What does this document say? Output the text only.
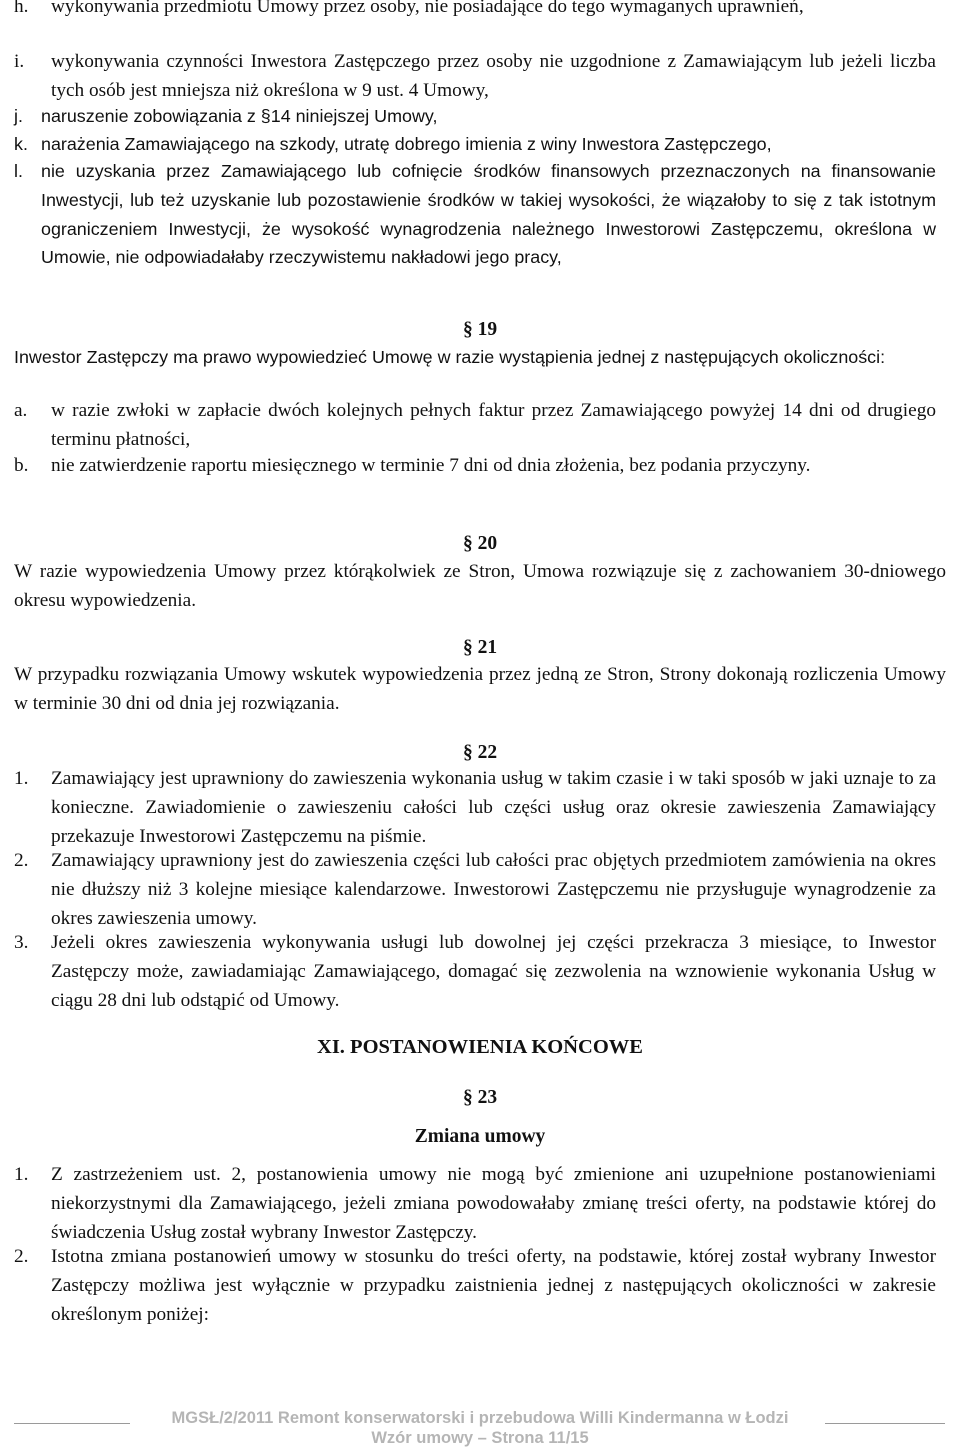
h.	wykonywania przedmiotu Umowy przez osoby, nie posiadające do tego wymaganych uprawnień,
i.	wykonywania czynności Inwestora Zastępczego przez osoby nie uzgodnione z Zamawiającym lub jeżeli liczba tych osób jest mniejsza niż określona w 9 ust. 4 Umowy,
j.	naruszenie zobowiązania z §14 niniejszej Umowy,
k. narażenia Zamawiającego na szkody, utratę dobrego imienia z winy Inwestora Zastępczego,
l.	nie uzyskania przez Zamawiającego lub cofnięcie środków finansowych przeznaczonych na finansowanie Inwestycji, lub też uzyskanie lub pozostawienie środków w takiej wysokości, że wiązałoby to się z tak istotnym ograniczeniem Inwestycji, że wysokość wynagrodzenia należnego Inwestorowi Zastępczemu, określona w Umowie, nie odpowiadałaby rzeczywistemu nakładowi jego pracy,
§ 19

Inwestor Zastępczy ma prawo wypowiedzieć Umowę w razie wystąpienia jednej z następujących okoliczności:

a.	w razie zwłoki w zapłacie dwóch kolejnych pełnych faktur przez Zamawiającego powyżej 14 dni od drugiego terminu płatności,
b.	nie zatwierdzenie raportu miesięcznego w terminie 7 dni od dnia złożenia, bez podania przyczyny.
§ 20

W razie wypowiedzenia Umowy przez którąkolwiek ze Stron, Umowa rozwiązuje się z zachowaniem 30-dniowego okresu wypowiedzenia.

§ 21

W przypadku rozwiązania Umowy wskutek wypowiedzenia przez jedną ze Stron, Strony dokonają rozliczenia Umowy w terminie 30 dni od dnia jej rozwiązania.

§ 22
1.	Zamawiający jest uprawniony do zawieszenia wykonania usług w takim czasie i w taki sposób w jaki uznaje to za konieczne. Zawiadomienie o zawieszeniu całości lub części usług oraz okresie zawieszenia Zamawiający przekazuje Inwestorowi Zastępczemu na piśmie.
2.	Zamawiający uprawniony jest do zawieszenia części lub całości prac objętych przedmiotem zamówienia na okres nie dłuższy niż 3 kolejne miesiące kalendarzowe. Inwestorowi Zastępczemu nie przysługuje wynagrodzenie za okres zawieszenia umowy.
3.	Jeżeli okres zawieszenia wykonywania usługi lub dowolnej jej części przekracza 3 miesiące, to Inwestor Zastępczy może, zawiadamiając Zamawiającego, domagać się zezwolenia na wznowienie wykonania Usług w ciągu 28 dni lub odstąpić od Umowy.
XI. POSTANOWIENIA KOŃCOWE
§ 23
Zmiana umowy
1.	Z zastrzeżeniem ust. 2, postanowienia umowy nie mogą być zmienione ani uzupełnione postanowieniami niekorzystnymi dla Zamawiającego, jeżeli zmiana powodowałaby zmianę treści oferty, na podstawie której do świadczenia Usług został wybrany Inwestor Zastępczy.
2.	Istotna zmiana postanowień umowy w stosunku do treści oferty, na podstawie, której został wybrany Inwestor Zastępczy możliwa jest wyłącznie w przypadku zaistnienia jednej z następujących okoliczności w zakresie określonym poniżej:
MGSŁ/2/2011 Remont konserwatorski i przebudowa Willi Kindermanna w Łodzi
Wzór umowy – Strona 11/15
